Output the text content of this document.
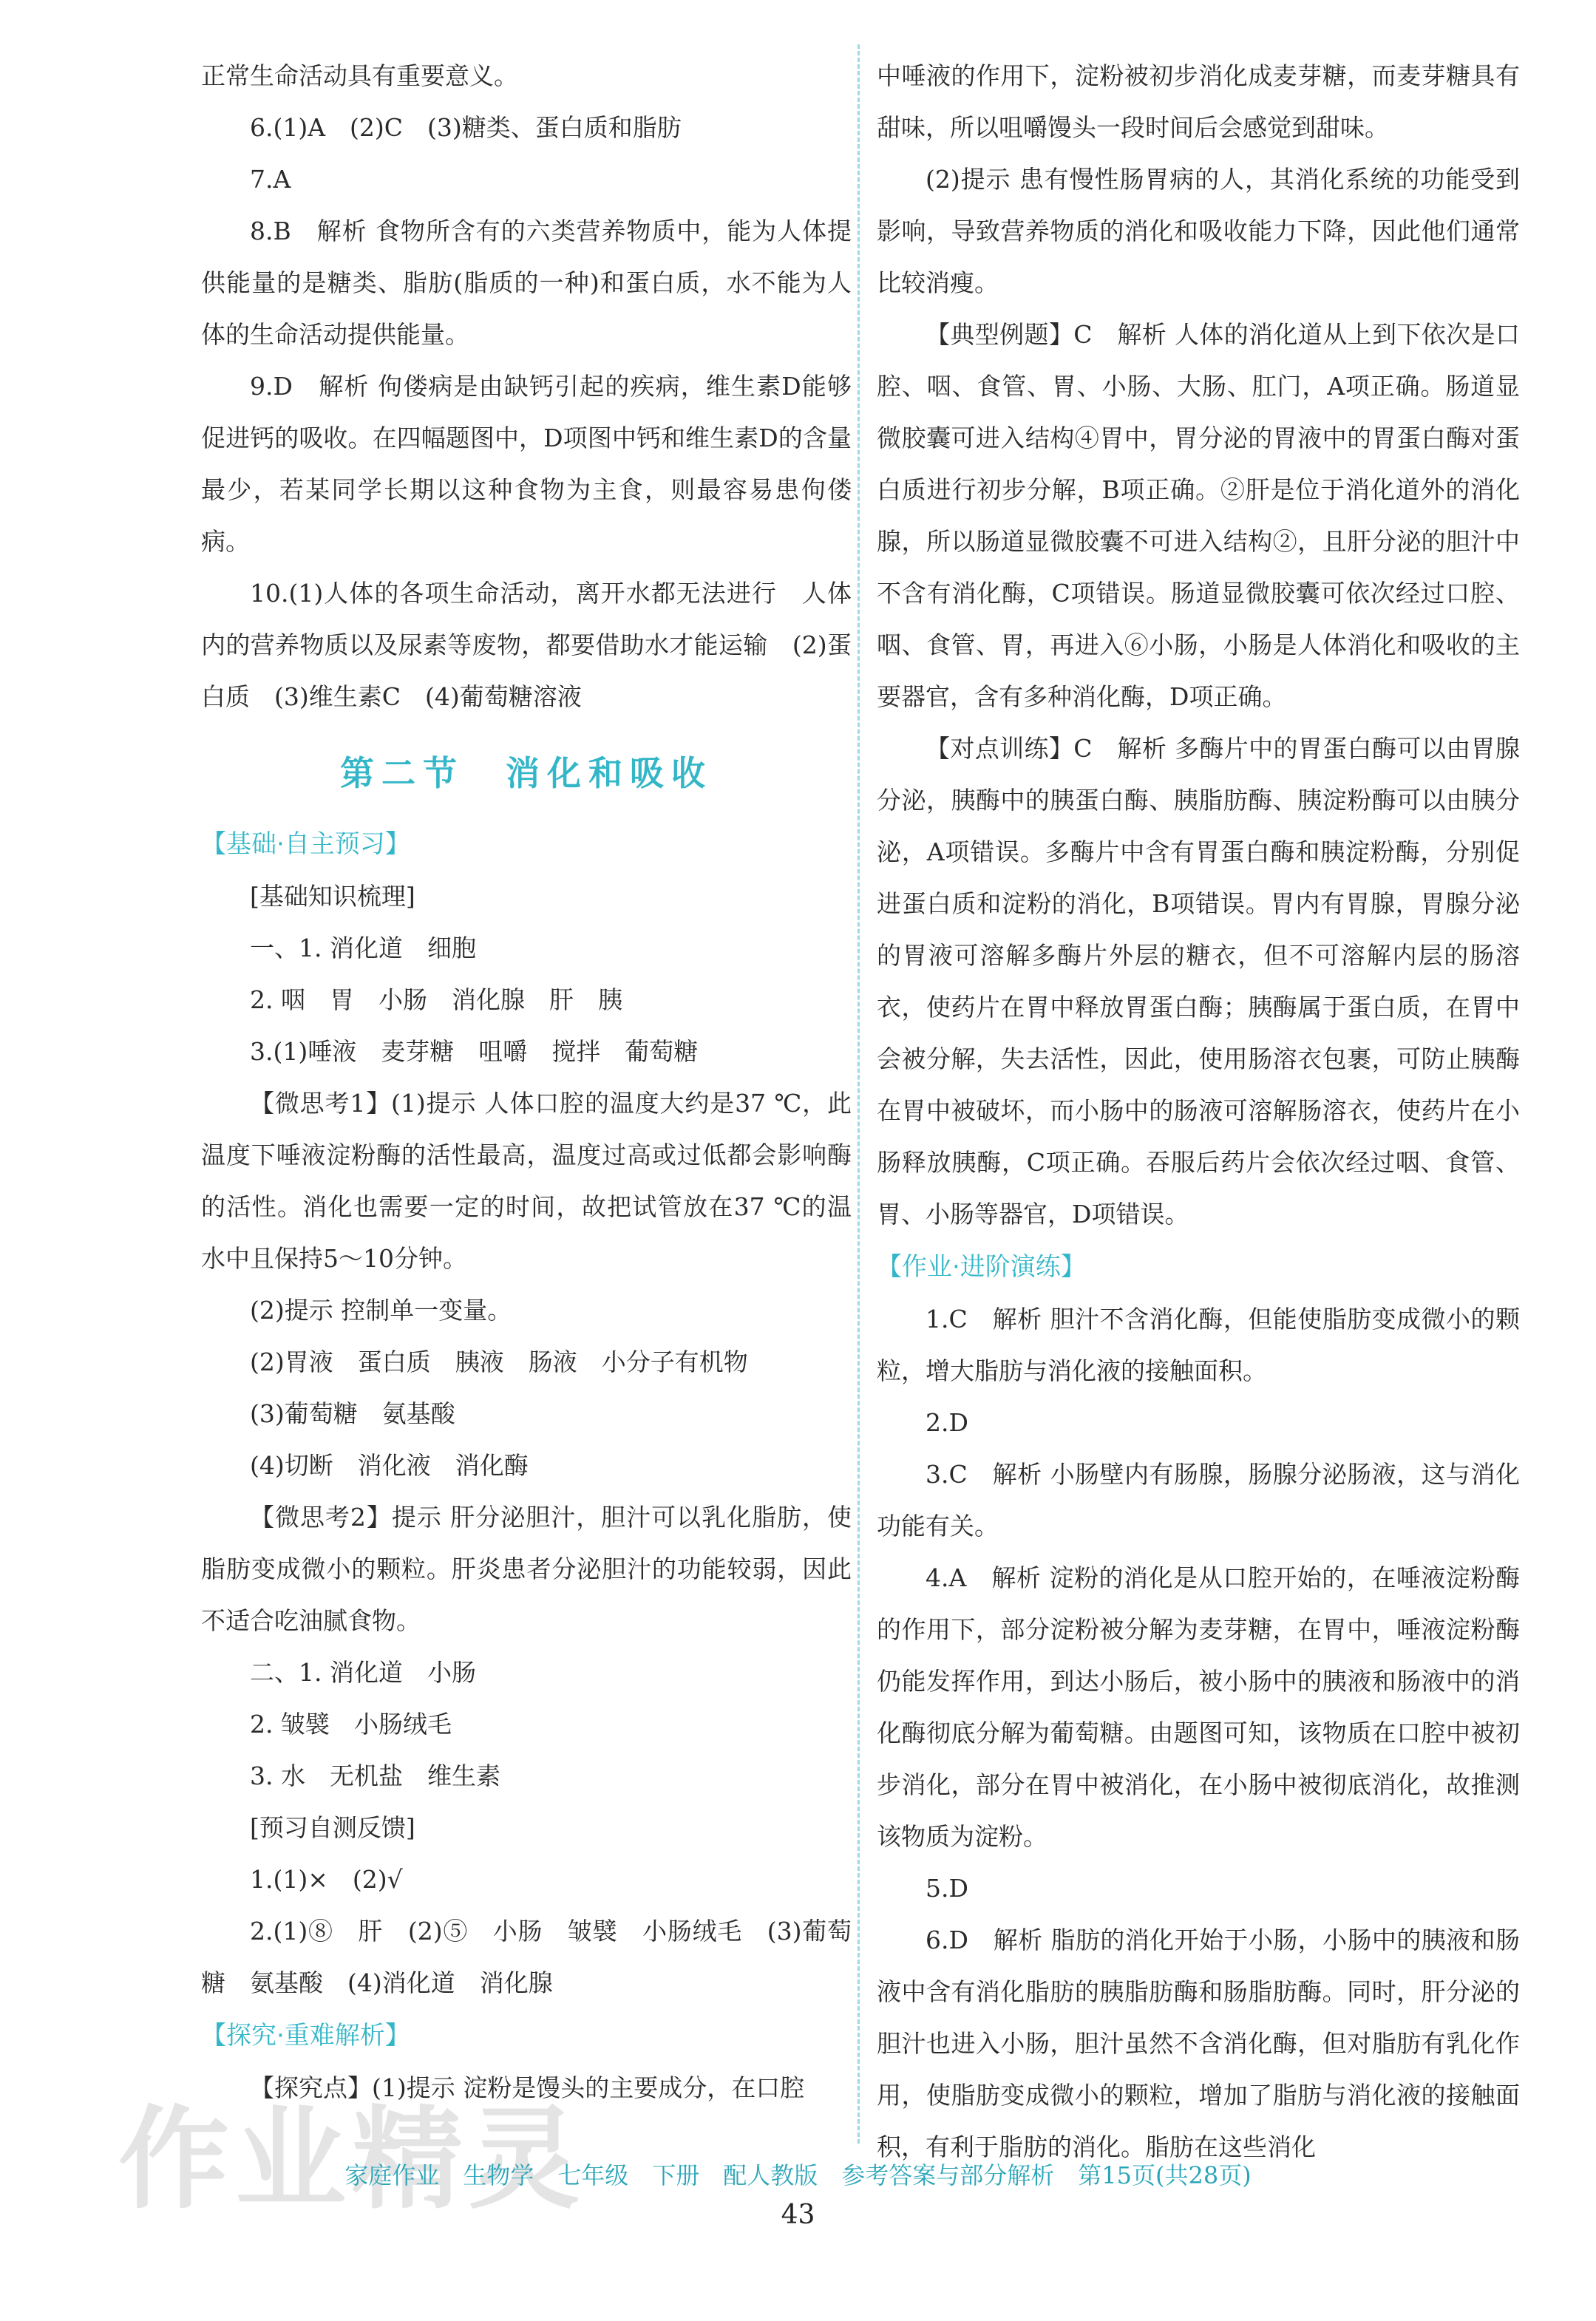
正常生命活动具有重要意义。

6.(1)A　(2)C　(3)糖类、蛋白质和脂肪

7.A

8.B　解析 食物所含有的六类营养物质中，能为人体提供能量的是糖类、脂肪(脂质的一种)和蛋白质，水不能为人体的生命活动提供能量。

9.D　解析 佝偻病是由缺钙引起的疾病，维生素D能够促进钙的吸收。在四幅题图中，D项图中钙和维生素D的含量最少，若某同学长期以这种食物为主食，则最容易患佝偻病。

10.(1)人体的各项生命活动，离开水都无法进行　人体内的营养物质以及尿素等废物，都要借助水才能运输　(2)蛋白质　(3)维生素C　(4)葡萄糖溶液

第二节　消化和吸收

【基础·自主预习】

[基础知识梳理]

一、1. 消化道　细胞

2. 咽　胃　小肠　消化腺　肝　胰

3.(1)唾液　麦芽糖　咀嚼　搅拌　葡萄糖

【微思考1】(1)提示 人体口腔的温度大约是37 ℃，此温度下唾液淀粉酶的活性最高，温度过高或过低都会影响酶的活性。消化也需要一定的时间，故把试管放在37 ℃的温水中且保持5～10分钟。

(2)提示 控制单一变量。

(2)胃液　蛋白质　胰液　肠液　小分子有机物

(3)葡萄糖　氨基酸

(4)切断　消化液　消化酶

【微思考2】提示 肝分泌胆汁，胆汁可以乳化脂肪，使脂肪变成微小的颗粒。肝炎患者分泌胆汁的功能较弱，因此不适合吃油腻食物。

二、1. 消化道　小肠

2. 皱襞　小肠绒毛

3. 水　无机盐　维生素

[预习自测反馈]

1.(1)×　(2)√

2.(1)⑧　肝　(2)⑤　小肠　皱襞　小肠绒毛　(3)葡萄糖　氨基酸　(4)消化道　消化腺

【探究·重难解析】

【探究点】(1)提示 淀粉是馒头的主要成分，在口腔

中唾液的作用下，淀粉被初步消化成麦芽糖，而麦芽糖具有甜味，所以咀嚼馒头一段时间后会感觉到甜味。

(2)提示 患有慢性肠胃病的人，其消化系统的功能受到影响，导致营养物质的消化和吸收能力下降，因此他们通常比较消瘦。

【典型例题】C　解析 人体的消化道从上到下依次是口腔、咽、食管、胃、小肠、大肠、肛门，A项正确。肠道显微胶囊可进入结构④胃中，胃分泌的胃液中的胃蛋白酶对蛋白质进行初步分解，B项正确。②肝是位于消化道外的消化腺，所以肠道显微胶囊不可进入结构②，且肝分泌的胆汁中不含有消化酶，C项错误。肠道显微胶囊可依次经过口腔、咽、食管、胃，再进入⑥小肠，小肠是人体消化和吸收的主要器官，含有多种消化酶，D项正确。

【对点训练】C　解析 多酶片中的胃蛋白酶可以由胃腺分泌，胰酶中的胰蛋白酶、胰脂肪酶、胰淀粉酶可以由胰分泌，A项错误。多酶片中含有胃蛋白酶和胰淀粉酶，分别促进蛋白质和淀粉的消化，B项错误。胃内有胃腺，胃腺分泌的胃液可溶解多酶片外层的糖衣，但不可溶解内层的肠溶衣，使药片在胃中释放胃蛋白酶；胰酶属于蛋白质，在胃中会被分解，失去活性，因此，使用肠溶衣包裹，可防止胰酶在胃中被破坏，而小肠中的肠液可溶解肠溶衣，使药片在小肠释放胰酶，C项正确。吞服后药片会依次经过咽、食管、胃、小肠等器官，D项错误。

【作业·进阶演练】

1.C　解析 胆汁不含消化酶，但能使脂肪变成微小的颗粒，增大脂肪与消化液的接触面积。

2.D

3.C　解析 小肠壁内有肠腺，肠腺分泌肠液，这与消化功能有关。

4.A　解析 淀粉的消化是从口腔开始的，在唾液淀粉酶的作用下，部分淀粉被分解为麦芽糖，在胃中，唾液淀粉酶仍能发挥作用，到达小肠后，被小肠中的胰液和肠液中的消化酶彻底分解为葡萄糖。由题图可知，该物质在口腔中被初步消化，部分在胃中被消化，在小肠中被彻底消化，故推测该物质为淀粉。

5.D

6.D　解析 脂肪的消化开始于小肠，小肠中的胰液和肠液中含有消化脂肪的胰脂肪酶和肠脂肪酶。同时，肝分泌的胆汁也进入小肠，胆汁虽然不含消化酶，但对脂肪有乳化作用，使脂肪变成微小的颗粒，增加了脂肪与消化液的接触面积，有利于脂肪的消化。脂肪在这些消化

作业精灵
家庭作业　生物学　七年级　下册　配人教版　参考答案与部分解析　第15页(共28页)
43
